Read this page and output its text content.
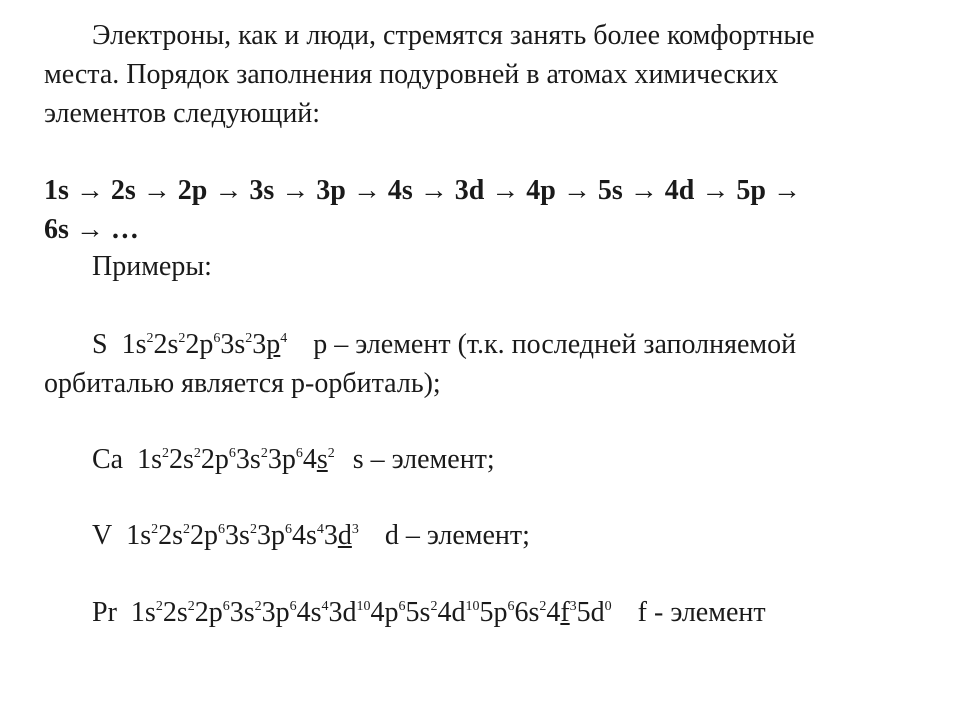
Электроны, как и люди, стремятся занять более комфортные
места. Порядок заполнения подуровней в атомах химических
элементов следующий:
1s → 2s → 2p → 3s → 3p → 4s → 3d → 4p → 5s → 4d → 5p →
6s → …
Примеры:
S $1s^22s^22p^63s^23p^4$ p – элемент (т.к. последней заполняемой
орбиталью является р-орбиталь);
Ca $1s^22s^22p^63s^23p^64s^2$ s – элемент;
V $1s^22s^22p^63s^23p^64s^43d^3$ d – элемент;
Pr $1s^22s^22p^63s^23p^64s^43d^{10}4p^65s^24d^{10}5p^66s^24f^35d^0$ f - элемент
